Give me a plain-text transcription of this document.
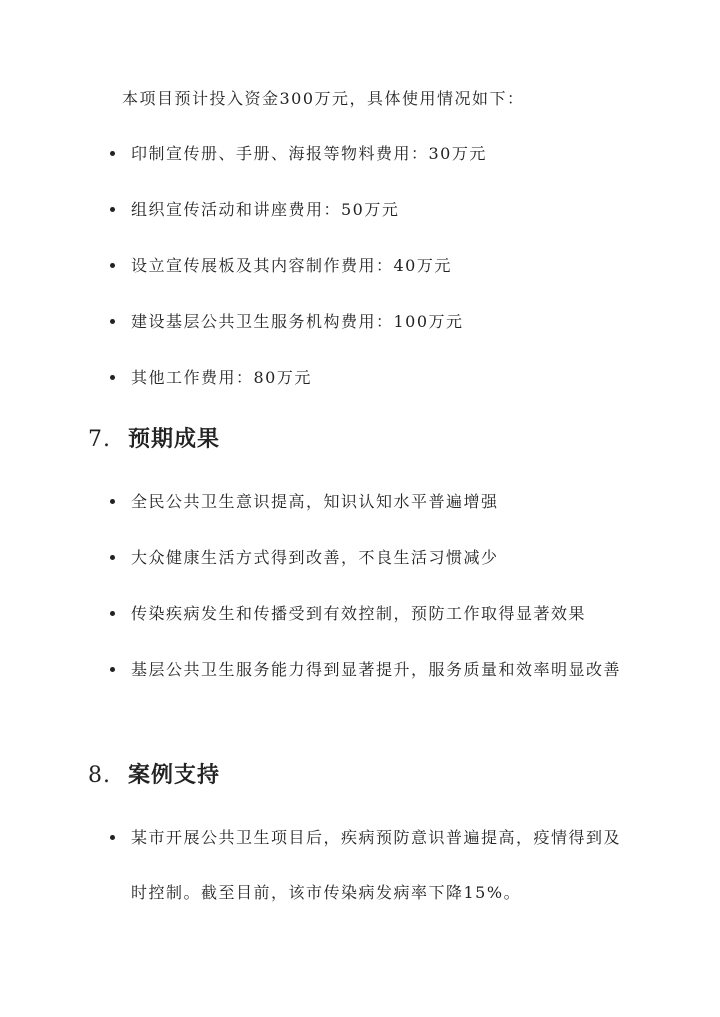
本项目预计投入资金300万元，具体使用情况如下：
印制宣传册、手册、海报等物料费用：30万元
组织宣传活动和讲座费用：50万元
设立宣传展板及其内容制作费用：40万元
建设基层公共卫生服务机构费用：100万元
其他工作费用：80万元
7. 预期成果
全民公共卫生意识提高，知识认知水平普遍增强
大众健康生活方式得到改善，不良生活习惯减少
传染疾病发生和传播受到有效控制，预防工作取得显著效果
基层公共卫生服务能力得到显著提升，服务质量和效率明显改善
8. 案例支持
某市开展公共卫生项目后，疾病预防意识普遍提高，疫情得到及时控制。截至目前，该市传染病发病率下降15%。
